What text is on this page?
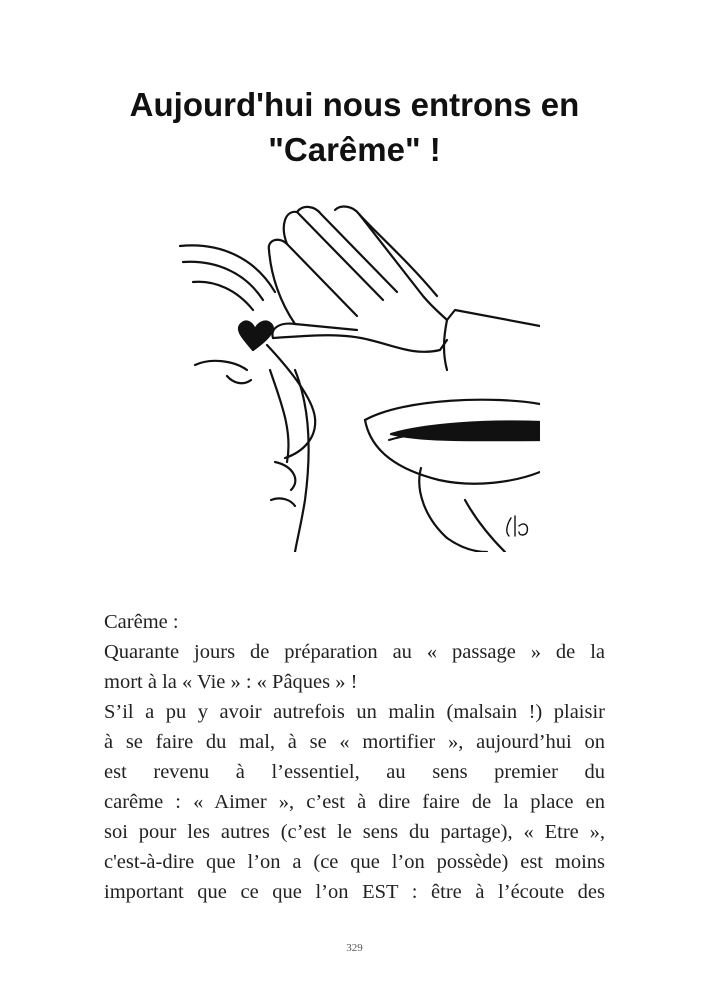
Aujourd'hui nous entrons en
"Carême" !
Carême :
Quarante jours de préparation au « passage » de la
mort à la « Vie » : « Pâques » !
S’il a pu y avoir autrefois un malin (malsain !) plaisir
à se faire du mal, à se « mortifier », aujourd’hui on
est revenu à l’essentiel, au sens premier du
carême : « Aimer », c’est à dire faire de la place en
soi pour les autres (c’est le sens du partage), « Etre »,
c'est-à-dire que l’on a (ce que l’on possède) est moins
important que ce que l’on EST : être à l’écoute des
329
